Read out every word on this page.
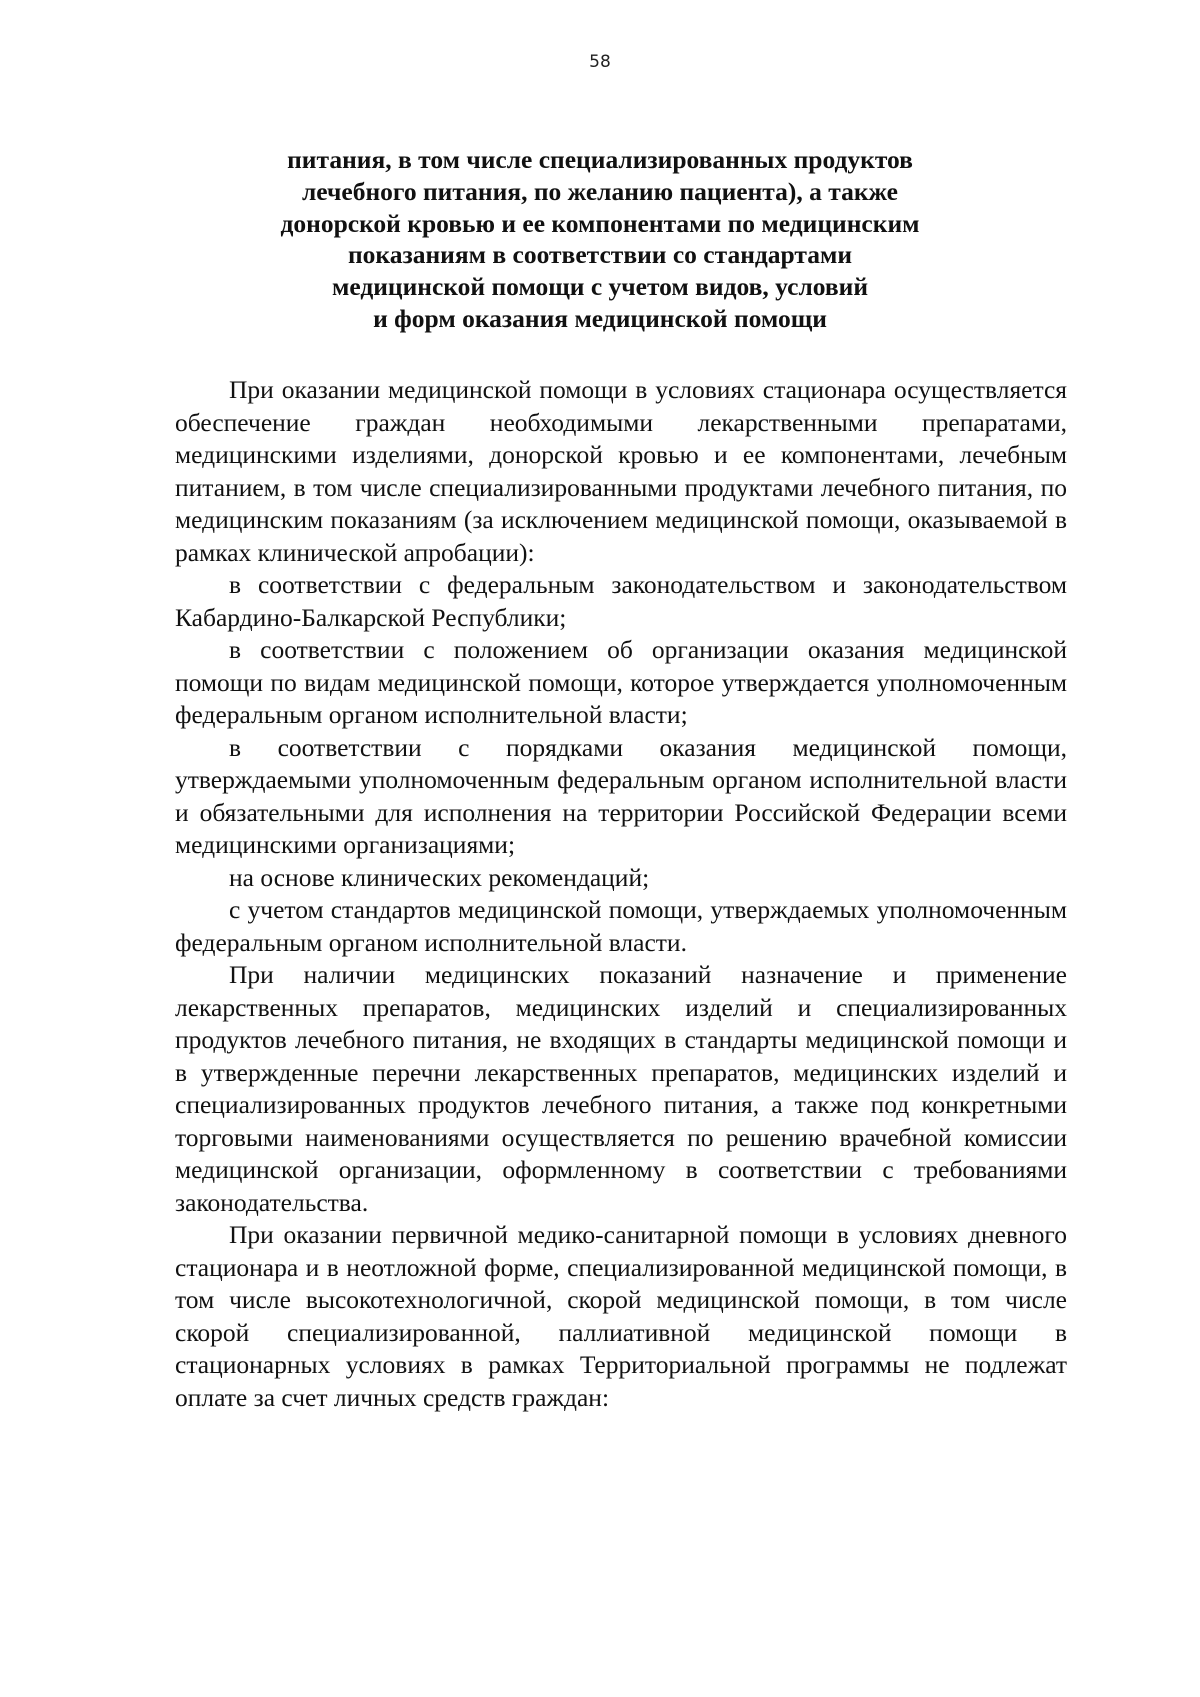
58
питания, в том числе специализированных продуктов
лечебного питания, по желанию пациента), а также
донорской кровью и ее компонентами по медицинским
показаниям в соответствии со стандартами
медицинской помощи с учетом видов, условий
и форм оказания медицинской помощи

При оказании медицинской помощи в условиях стационара осуществляется обеспечение граждан необходимыми лекарственными препаратами, медицинскими изделиями, донорской кровью и ее компонентами, лечебным питанием, в том числе специализированными продуктами лечебного питания, по медицинским показаниям (за исключением медицинской помощи, оказываемой в рамках клинической апробации):

в соответствии с федеральным законодательством и законодательством Кабардино-Балкарской Республики;

в соответствии с положением об организации оказания медицинской помощи по видам медицинской помощи, которое утверждается уполномоченным федеральным органом исполнительной власти;

в соответствии с порядками оказания медицинской помощи, утверждаемыми уполномоченным федеральным органом исполнительной власти и обязательными для исполнения на территории Российской Федерации всеми медицинскими организациями;

на основе клинических рекомендаций;

с учетом стандартов медицинской помощи, утверждаемых уполномоченным федеральным органом исполнительной власти.

При наличии медицинских показаний назначение и применение лекарственных препаратов, медицинских изделий и специализированных продуктов лечебного питания, не входящих в стандарты медицинской помощи и в утвержденные перечни лекарственных препаратов, медицинских изделий и специализированных продуктов лечебного питания, а также под конкретными торговыми наименованиями осуществляется по решению врачебной комиссии медицинской организации, оформленному в соответствии с требованиями законодательства.

При оказании первичной медико-санитарной помощи в условиях дневного стационара и в неотложной форме, специализированной медицинской помощи, в том числе высокотехнологичной, скорой медицинской помощи, в том числе скорой специализированной, паллиативной медицинской помощи в стационарных условиях в рамках Территориальной программы не подлежат оплате за счет личных средств граждан:
